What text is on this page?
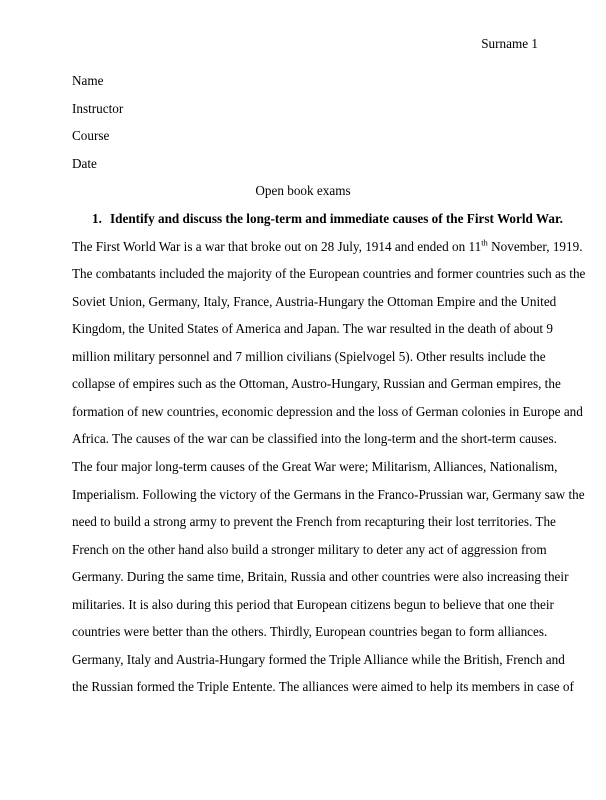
Surname 1
Name
Instructor
Course
Date
Open book exams
1. Identify and discuss the long-term and immediate causes of the First World War.
The First World War is a war that broke out on 28 July, 1914 and ended on 11th November, 1919.
The combatants included the majority of the European countries and former countries such as the
Soviet Union, Germany, Italy, France, Austria-Hungary the Ottoman Empire and the United
Kingdom, the United States of America and Japan. The war resulted in the death of about 9
million military personnel and 7 million civilians (Spielvogel 5). Other results include the
collapse of empires such as the Ottoman, Austro-Hungary, Russian and German empires, the
formation of new countries, economic depression and the loss of German colonies in Europe and
Africa. The causes of the war can be classified into the long-term and the short-term causes.
The four major long-term causes of the Great War were; Militarism, Alliances, Nationalism,
Imperialism. Following the victory of the Germans in the Franco-Prussian war, Germany saw the
need to build a strong army to prevent the French from recapturing their lost territories. The
French on the other hand also build a stronger military to deter any act of aggression from
Germany. During the same time, Britain, Russia and other countries were also increasing their
militaries. It is also during this period that European citizens begun to believe that one their
countries were better than the others. Thirdly, European countries began to form alliances.
Germany, Italy and Austria-Hungary formed the Triple Alliance while the British, French and
the Russian formed the Triple Entente. The alliances were aimed to help its members in case of
